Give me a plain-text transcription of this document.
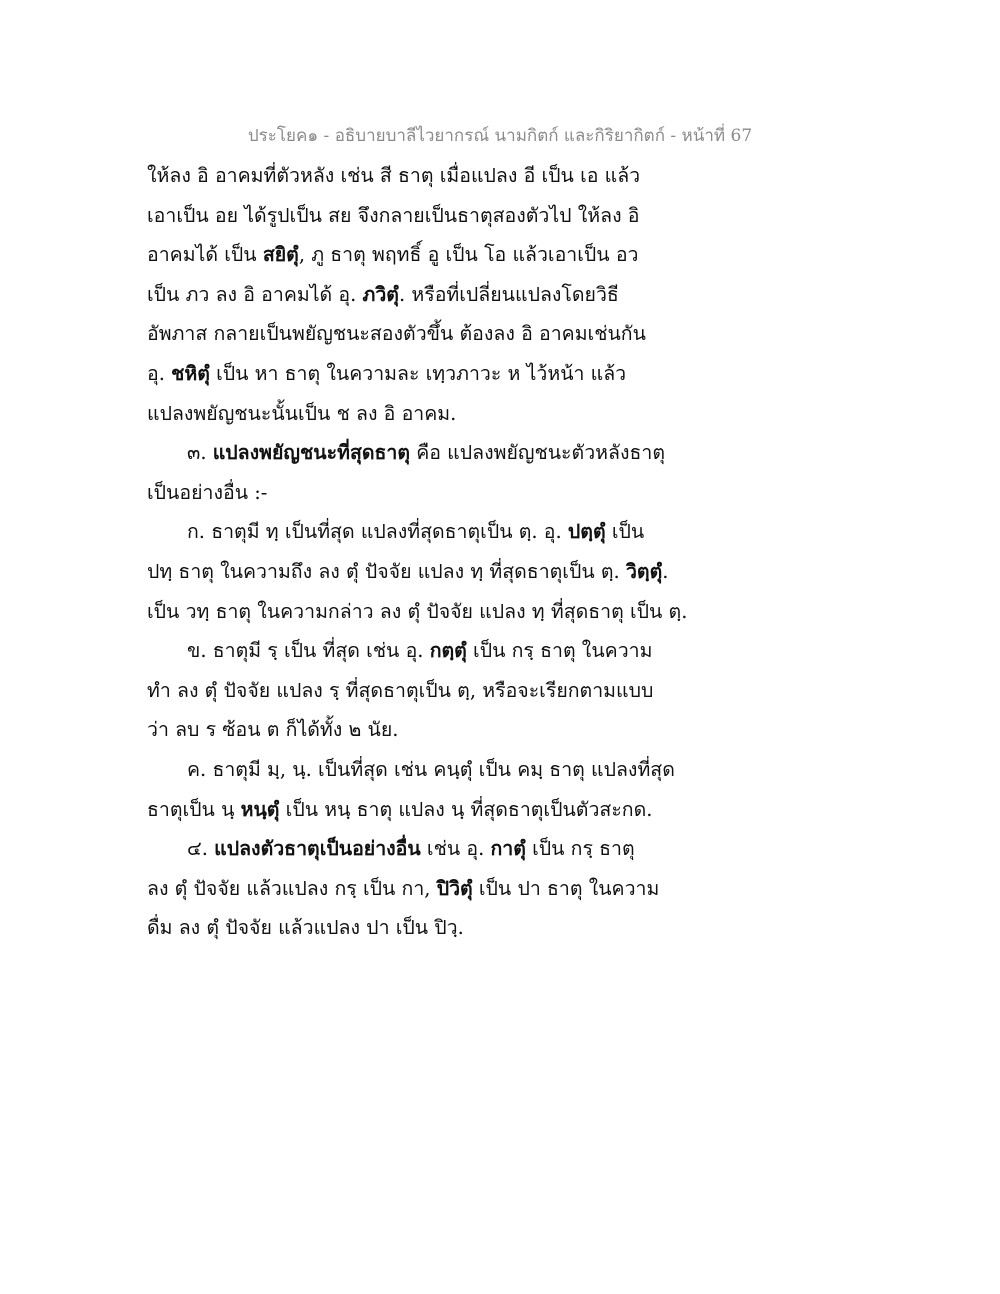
ประโยค๑ - อธิบายบาลีไวยากรณ์ นามกิตก์ และกิริยากิตก์ - หน้าที่ 67
ให้ลง อิ อาคมที่ตัวหลัง เช่น สี ธาตุ เมื่อแปลง อี เป็น เอ แล้ว
เอาเป็น อย ได้รูปเป็น สย จึงกลายเป็นธาตุสองตัวไป ให้ลง อิ
อาคมได้ เป็น สยิตุํ, ภู ธาตุ พฤทธิ์ อู เป็น โอ แล้วเอาเป็น อว
เป็น ภว ลง อิ อาคมได้ อุ. ภวิตุํ. หรือที่เปลี่ยนแปลงโดยวิธี
อัพภาส กลายเป็นพยัญชนะสองตัวขึ้น ต้องลง อิ อาคมเช่นกัน
อุ. ชหิตุํ เป็น หา ธาตุ ในความละ เทฺวภาวะ ห ไว้หน้า แล้ว
แปลงพยัญชนะนั้นเป็น ช ลง อิ อาคม.
๓. แปลงพยัญชนะที่สุดธาตุ คือ แปลงพยัญชนะตัวหลังธาตุ
เป็นอย่างอื่น :-
ก. ธาตุมี ทฺ เป็นที่สุด แปลงที่สุดธาตุเป็น ตฺ. อุ. ปตฺตุํ เป็น
ปทฺ ธาตุ ในความถึง ลง ตุํ ปัจจัย แปลง ทฺ ที่สุดธาตุเป็น ตฺ. วิตฺตุํ.
เป็น วทฺ ธาตุ ในความกล่าว ลง ตุํ ปัจจัย แปลง ทฺ ที่สุดธาตุ เป็น ตฺ.
ข. ธาตุมี รฺ เป็น ที่สุด เช่น อุ. กตฺตุํ เป็น กรฺ ธาตุ ในความ
ทำ ลง ตุํ ปัจจัย แปลง รฺ ที่สุดธาตุเป็น ตฺ, หรือจะเรียกตามแบบ
ว่า ลบ ร ซ้อน ต ก็ได้ทั้ง ๒ นัย.
ค. ธาตุมี มฺ, นฺ. เป็นที่สุด เช่น คนฺตุํ เป็น คมฺ ธาตุ แปลงที่สุด
ธาตุเป็น นฺ หนฺตุํ เป็น หนฺ ธาตุ แปลง นฺ ที่สุดธาตุเป็นตัวสะกด.
๔. แปลงตัวธาตุเป็นอย่างอื่น เช่น อุ. กาตุํ เป็น กรฺ ธาตุ
ลง ตุํ ปัจจัย แล้วแปลง กรฺ เป็น กา, ปิวิตุํ เป็น ปา ธาตุ ในความ
ดื่ม ลง ตุํ ปัจจัย แล้วแปลง ปา เป็น ปิวฺ.
